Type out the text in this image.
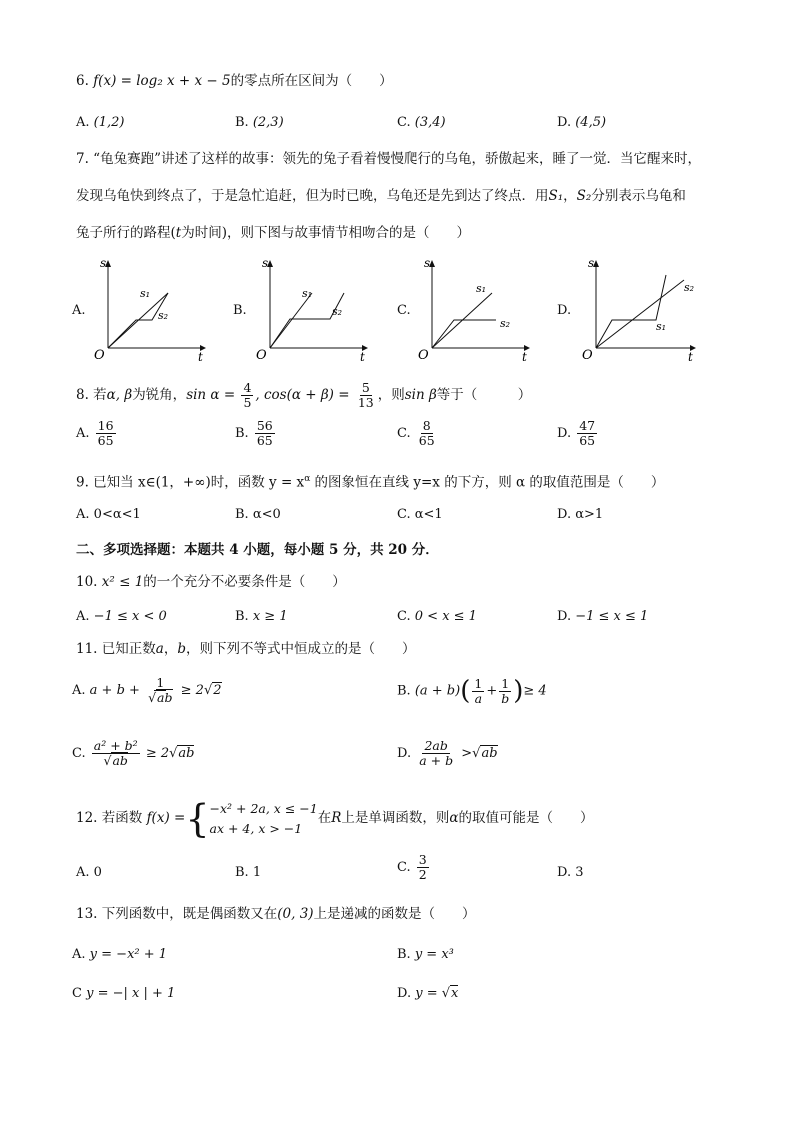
6. f(x) = log₂ x + x − 5的零点所在区间为（　　）
A. (1,2)	B. (2,3)	C. (3,4)	D. (4,5)
7. “龟兔赛跑”讲述了这样的故事：领先的兔子看着慢慢爬行的乌龟，骄傲起来，睡了一觉．当它醒来时，
发现乌龟快到终点了，于是急忙追赶，但为时已晚，乌龟还是先到达了终点．用S₁，S₂分别表示乌龟和
兔子所行的路程(t为时间)，则下图与故事情节相吻合的是（　　）
A.
s
t
O
s₁
s₂	B.
s
t
O
s₁
s₂	C.
s
t
O
s₁
s₂
D.
s
t
O
s₂
s₁
8. 若α, β为锐角，$\sin \alpha = \frac{4}{5}$ , $\cos(\alpha + \beta) = \frac{5}{13}$ ，则sin β等于（　　　）
A. $\frac{16}{65}$	B. $\frac{56}{65}$	C. $\frac{8}{65}$	D. $\frac{47}{65}$
9. 已知当 x∈(1，+∞)时，函数 $y = x^\alpha$ 的图象恒在直线 y=x 的下方，则 α 的取值范围是（　　）
A. 0<α<1	B. α<0	C. α<1	D. α>1
二、多项选择题：本题共 4 小题，每小题 5 分，共 20 分．
10. x² ≤ 1的一个充分不必要条件是（　　）
A. −1 ≤ x < 0	B. x ≥ 1	C. 0 < x ≤ 1	D. −1 ≤ x ≤ 1
11. 已知正数a，b，则下列不等式中恒成立的是（　　）
A. $a + b + \frac{1}{√ab} \ge 2√2$	B. $(a + b)( \frac{1}{a} + \frac{1}{b}$ )≥ 4
C. $\frac{\text{a² + b²}}{√ab} \ge 2√ab$	D. $\frac{2ab}{a + b} >√ab$
12. 若函数 f(x) ={ −x² + 2a, x ≤ −1
ax + 4, x > −1
在R上是单调函数，则α的取值可能是（　　）
A. 0	B. 1	C. $\frac{3}{2}$	D. 3
13. 下列函数中，既是偶函数又在(0, 3)上是递减的函数是（　　）
A. y = −x² + 1	B. y = x³
C y = −| x | + 1	D. y = √x
